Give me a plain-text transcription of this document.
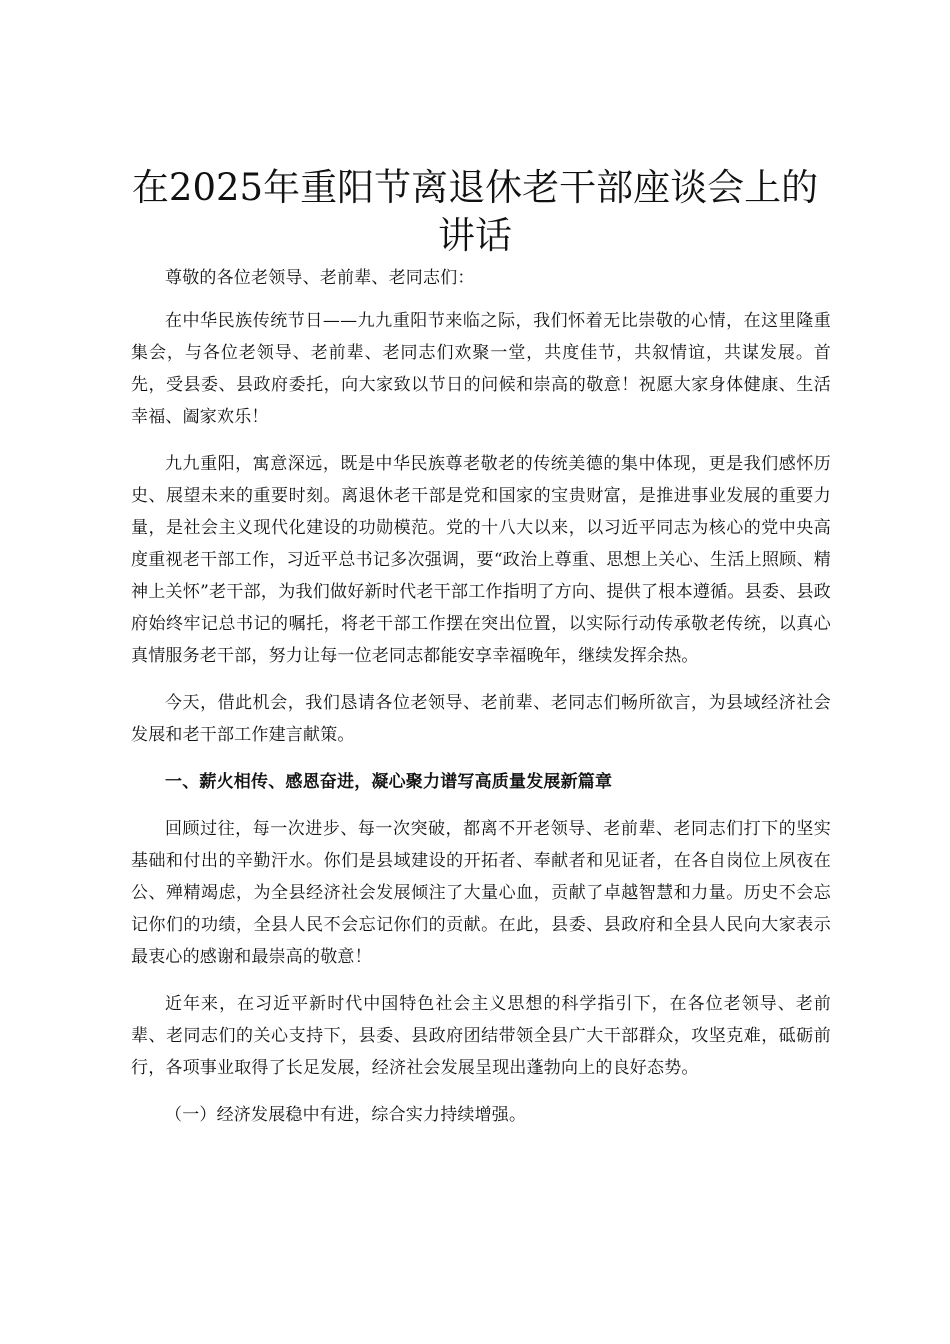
在2025年重阳节离退休老干部座谈会上的讲话

尊敬的各位老领导、老前辈、老同志们：

在中华民族传统节日——九九重阳节来临之际，我们怀着无比崇敬的心情，在这里隆重集会，与各位老领导、老前辈、老同志们欢聚一堂，共度佳节，共叙情谊，共谋发展。首先，受县委、县政府委托，向大家致以节日的问候和崇高的敬意！祝愿大家身体健康、生活幸福、阖家欢乐！

九九重阳，寓意深远，既是中华民族尊老敬老的传统美德的集中体现，更是我们感怀历史、展望未来的重要时刻。离退休老干部是党和国家的宝贵财富，是推进事业发展的重要力量，是社会主义现代化建设的功勋模范。党的十八大以来，以习近平同志为核心的党中央高度重视老干部工作，习近平总书记多次强调，要“政治上尊重、思想上关心、生活上照顾、精神上关怀”老干部，为我们做好新时代老干部工作指明了方向、提供了根本遵循。县委、县政府始终牢记总书记的嘱托，将老干部工作摆在突出位置，以实际行动传承敬老传统，以真心真情服务老干部，努力让每一位老同志都能安享幸福晚年，继续发挥余热。

今天，借此机会，我们恳请各位老领导、老前辈、老同志们畅所欲言，为县域经济社会发展和老干部工作建言献策。

一、薪火相传、感恩奋进，凝心聚力谱写高质量发展新篇章

回顾过往，每一次进步、每一次突破，都离不开老领导、老前辈、老同志们打下的坚实基础和付出的辛勤汗水。你们是县域建设的开拓者、奉献者和见证者，在各自岗位上夙夜在公、殚精竭虑，为全县经济社会发展倾注了大量心血，贡献了卓越智慧和力量。历史不会忘记你们的功绩，全县人民不会忘记你们的贡献。在此，县委、县政府和全县人民向大家表示最衷心的感谢和最崇高的敬意！

近年来，在习近平新时代中国特色社会主义思想的科学指引下，在各位老领导、老前辈、老同志们的关心支持下，县委、县政府团结带领全县广大干部群众，攻坚克难，砥砺前行，各项事业取得了长足发展，经济社会发展呈现出蓬勃向上的良好态势。

（一）经济发展稳中有进，综合实力持续增强。
